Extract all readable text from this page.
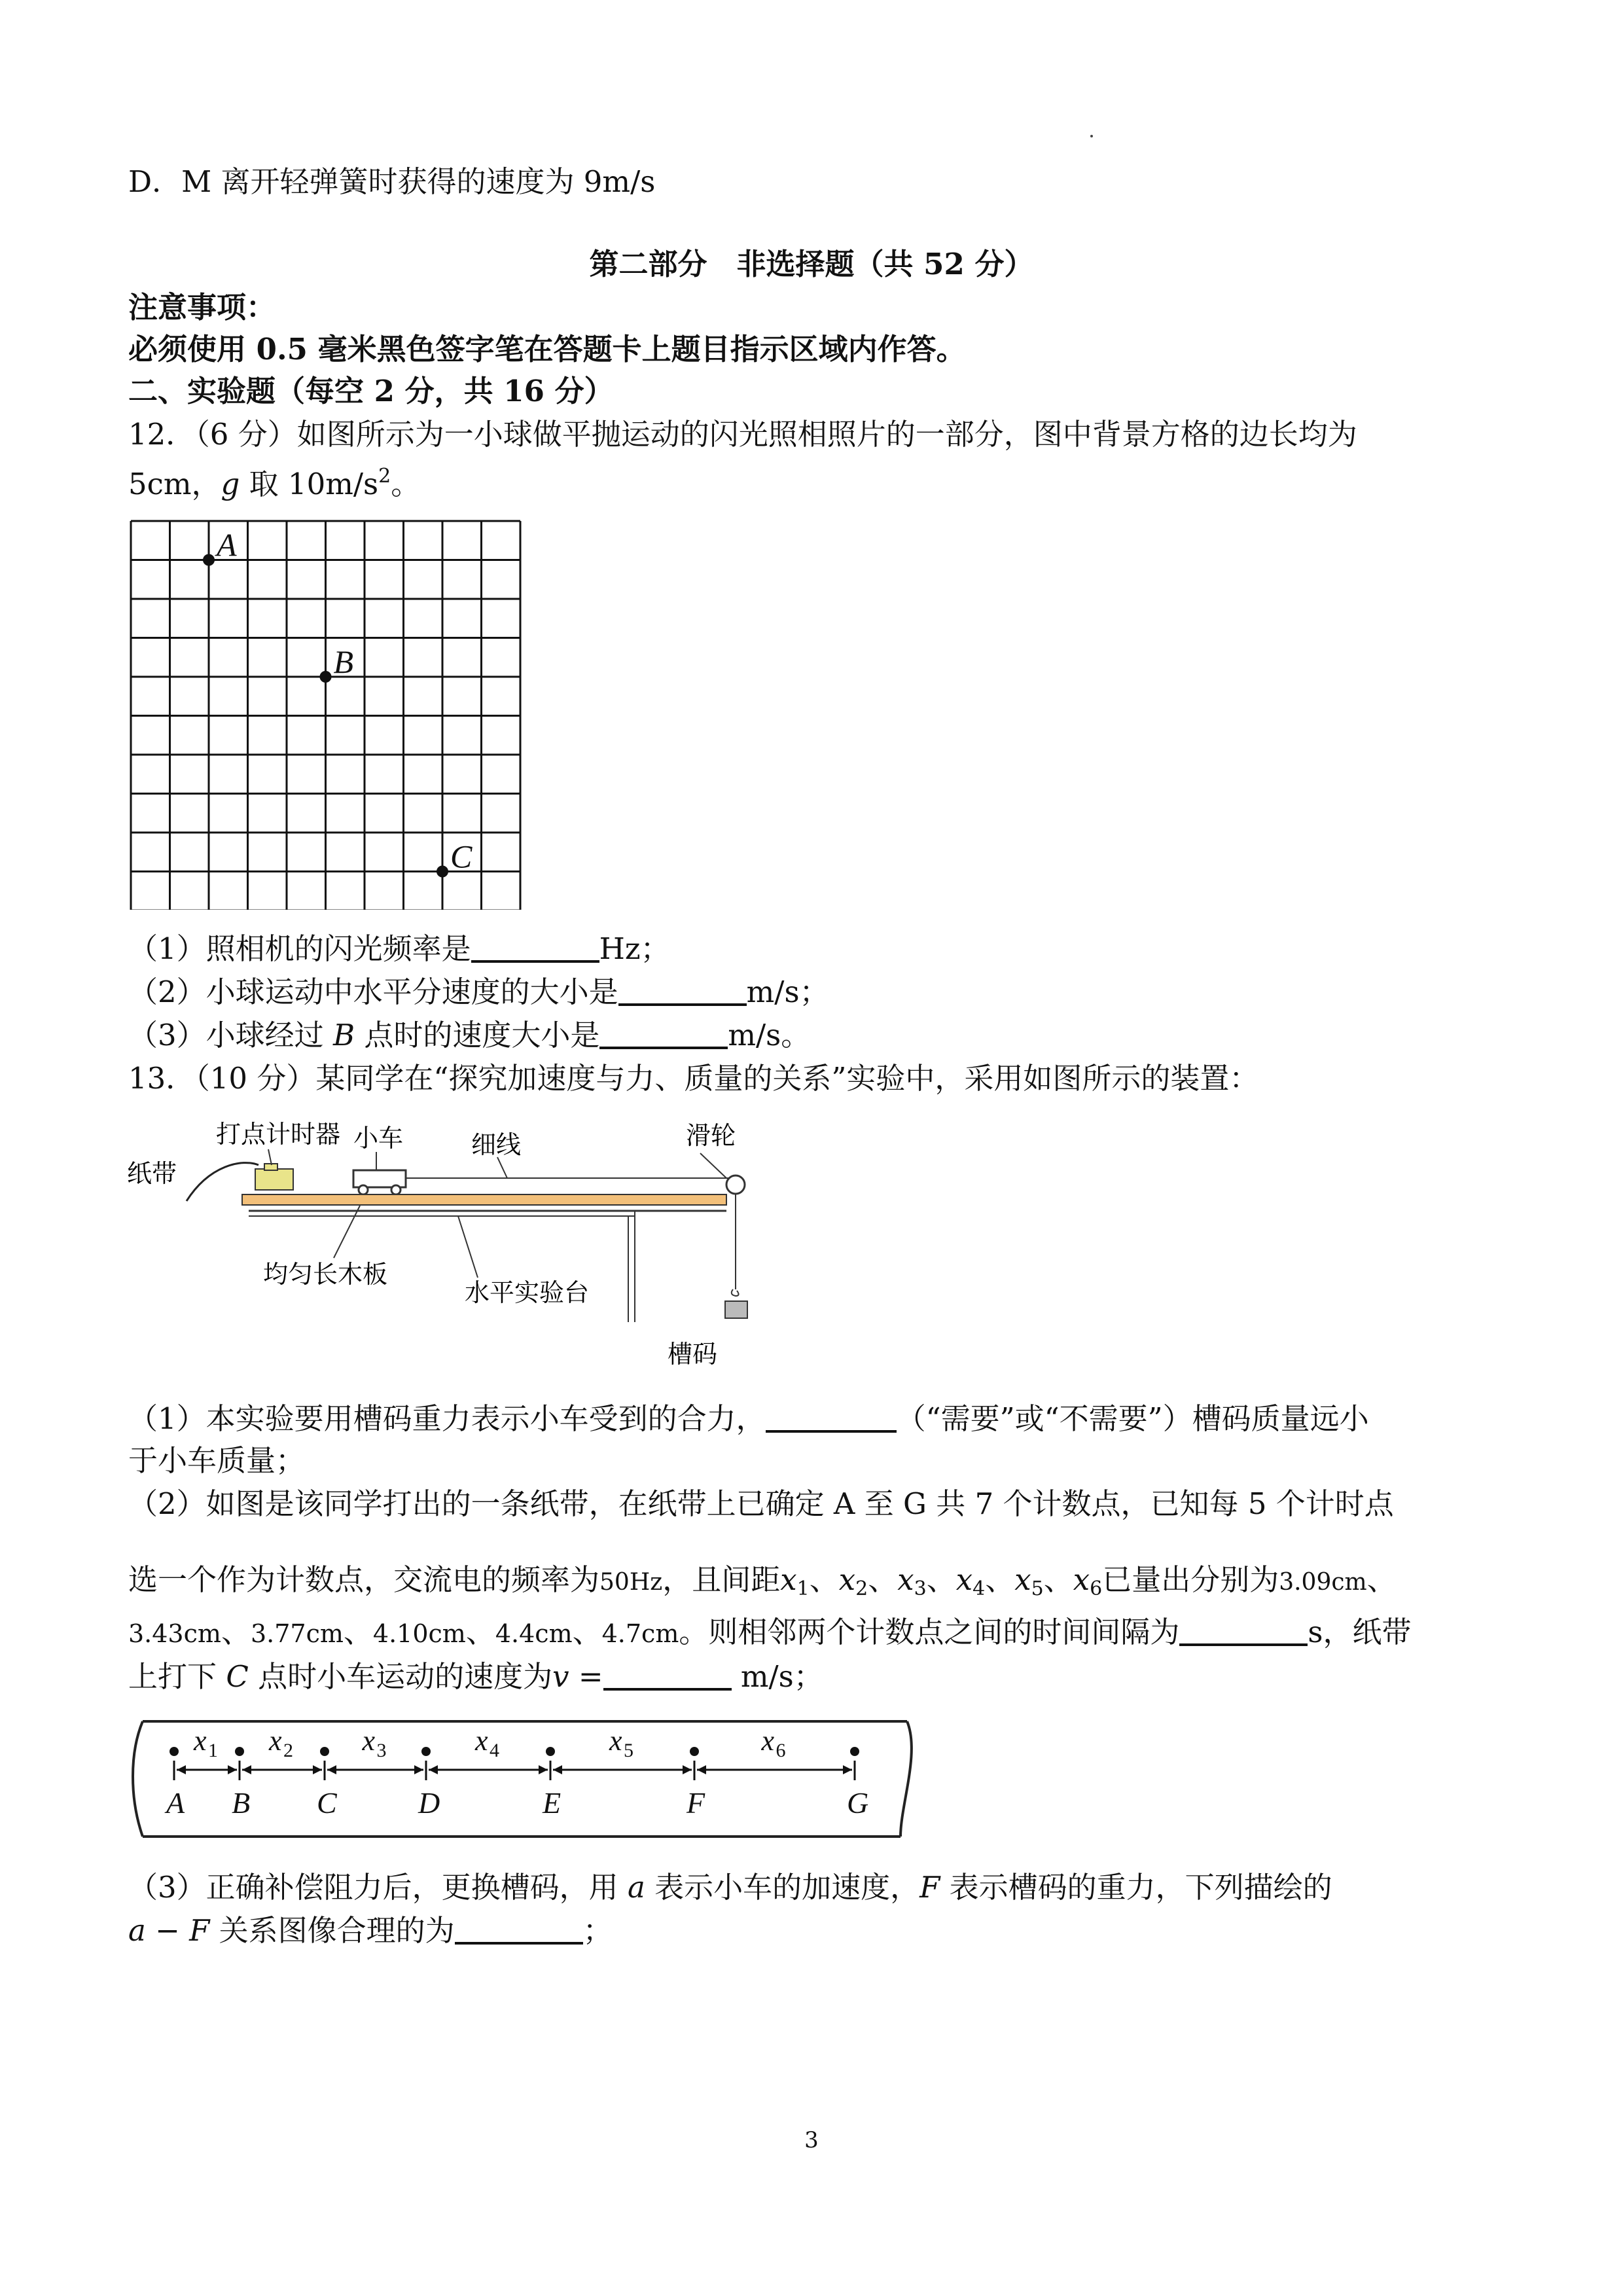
D．M 离开轻弹簧时获得的速度为 9m/s
第二部分　非选择题（共 52 分）
注意事项：
必须使用 0.5 毫米黑色签字笔在答题卡上题目指示区域内作答。
二、实验题（每空 2 分，共 16 分）
12．（6 分）如图所示为一小球做平抛运动的闪光照相照片的一部分，图中背景方格的边长均为
5cm，g 取 $10m/s^2$。
A
B
C
（1）照相机的闪光频率是	Hz；
（2）小球运动中水平分速度的大小是	m/s；
（3）小球经过 B 点时的速度大小是	m/s。
13．（10 分）某同学在“探究加速度与力、质量的关系”实验中，采用如图所示的装置：
打点计时器 小车	细线	滑轮
纸带
均匀长木板
水平实验台
槽码
（1）本实验要用槽码重力表示小车受到的合力，	（“需要”或“不需要”）槽码质量远小
于小车质量；
（2）如图是该同学打出的一条纸带，在纸带上已确定 A 至 G 共 7 个计数点，已知每 5 个计时点
选一个作为计数点，交流电的频率为50Hz，且间距$x_1$、$x_2$、$x_3$、$x_4$、$x_5$、$x_6$已量出分别为3.09cm、
3.43cm、3.77cm、4.10cm、4.4cm、4.7cm。则相邻两个计数点之间的时间间隔为	s，纸带
上打下 C 点时小车运动的速度为v =	m/s；
A B C	D	E	F	G
x 1 x 2 x 3	x 4	x 5	x 6
（3）正确补偿阻力后，更换槽码，用 a 表示小车的加速度，F 表示槽码的重力，下列描绘的
a − F 关系图像合理的为	；
3
